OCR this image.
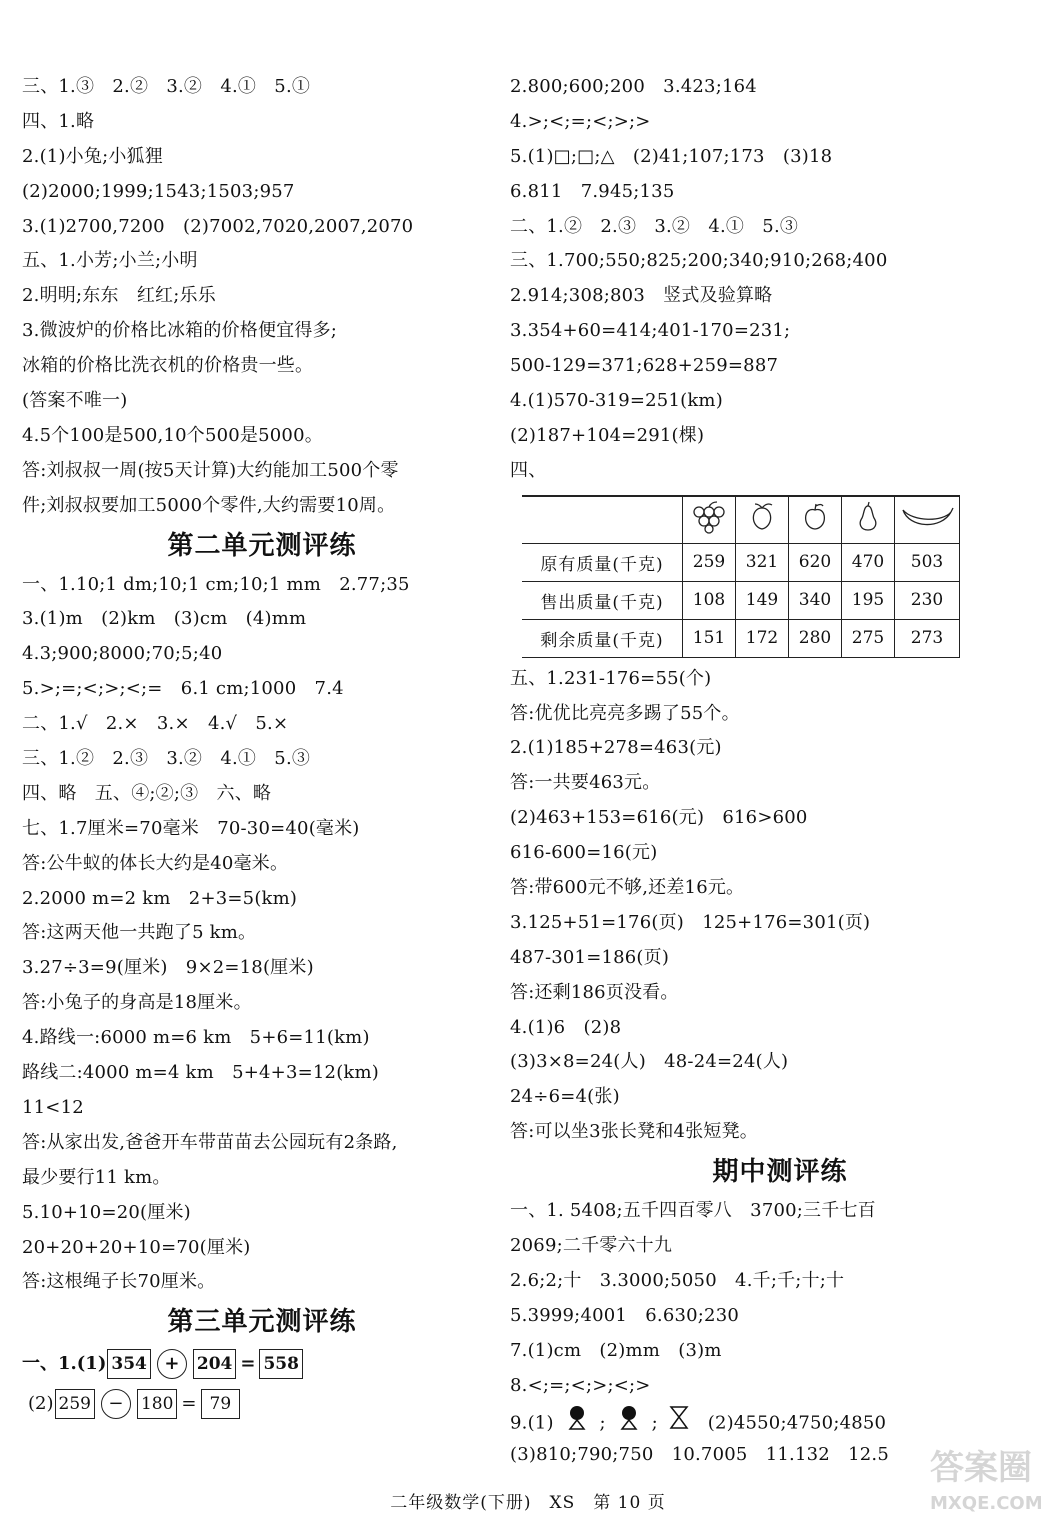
三、1.③　2.②　3.②　4.①　5.①
四、1.略
2.(1)小兔;小狐狸
(2)2000;1999;1543;1503;957
3.(1)2700,7200　(2)7002,7020,2007,2070
五、1.小芳;小兰;小明
2.明明;东东　红红;乐乐
3.微波炉的价格比冰箱的价格便宜得多;
冰箱的价格比洗衣机的价格贵一些。
(答案不唯一)
4.5个100是500,10个500是5000。
答:刘叔叔一周(按5天计算)大约能加工500个零
件;刘叔叔要加工5000个零件,大约需要10周。
第二单元测评练
一、1.10;1 dm;10;1 cm;10;1 mm　2.77;35
3.(1)m　(2)km　(3)cm　(4)mm
4.3;900;8000;70;5;40
5.>;=;<;>;<;=　6.1 cm;1000　7.4
二、1.√　2.×　3.×　4.√　5.×
三、1.②　2.③　3.②　4.①　5.③
四、略　五、④;②;③　六、略
七、1.7厘米=70毫米　70-30=40(毫米)
答:公牛蚁的体长大约是40毫米。
2.2000 m=2 km　2+3=5(km)
答:这两天他一共跑了5 km。
3.27÷3=9(厘米)　9×2=18(厘米)
答:小兔子的身高是18厘米。
4.路线一:6000 m=6 km　5+6=11(km)
路线二:4000 m=4 km　5+4+3=12(km)
11<12
答:从家出发,爸爸开车带苗苗去公园玩有2条路,
最少要行11 km。
5.10+10=20(厘米)
20+20+20+10=70(厘米)
答:这根绳子长70厘米。
第三单元测评练
一、1.(1) 354 +	204 = 558
(2) 259 −	180 = 79
2.800;600;200　3.423;164
4.>;<;=;<;>;>
5.(1)□;□;△　(2)41;107;173　(3)18
6.811　7.945;135
二、1.②　2.③　3.②　4.①　5.③
三、1.700;550;825;200;340;910;268;400
2.914;308;803　竖式及验算略
3.354+60=414;401-170=231;
500-129=371;628+259=887
4.(1)570-319=251(km)
(2)187+104=291(棵)
四、

原有质量(千克)	259	321	620	470	503
售出质量(千克)	108	149	340	195	230
剩余质量(千克)	151	172	280	275	273
五、1.231-176=55(个)
答:优优比亮亮多踢了55个。
2.(1)185+278=463(元)
答:一共要463元。
(2)463+153=616(元)　616>600
616-600=16(元)
答:带600元不够,还差16元。
3.125+51=176(页)　125+176=301(页)
487-301=186(页)
答:还剩186页没看。
4.(1)6　(2)8
(3)3×8=24(人)　48-24=24(人)
24÷6=4(张)
答:可以坐3张长凳和4张短凳。
期中测评练
一、1. 5408;五千四百零八　3700;三千七百
2069;二千零六十九
2.6;2;十　3.3000;5050　4.千;千;十;十
5.3999;4001　6.630;230
7.(1)cm　(2)mm　(3)m
8.<;=;<;>;<;>
9.(1)	;	;	(2)4550;4750;4850
(3)810;790;750　10.7005　11.132　12.5
二年级数学(下册)　XS　第 10 页
答案圈
MXQE.COM
